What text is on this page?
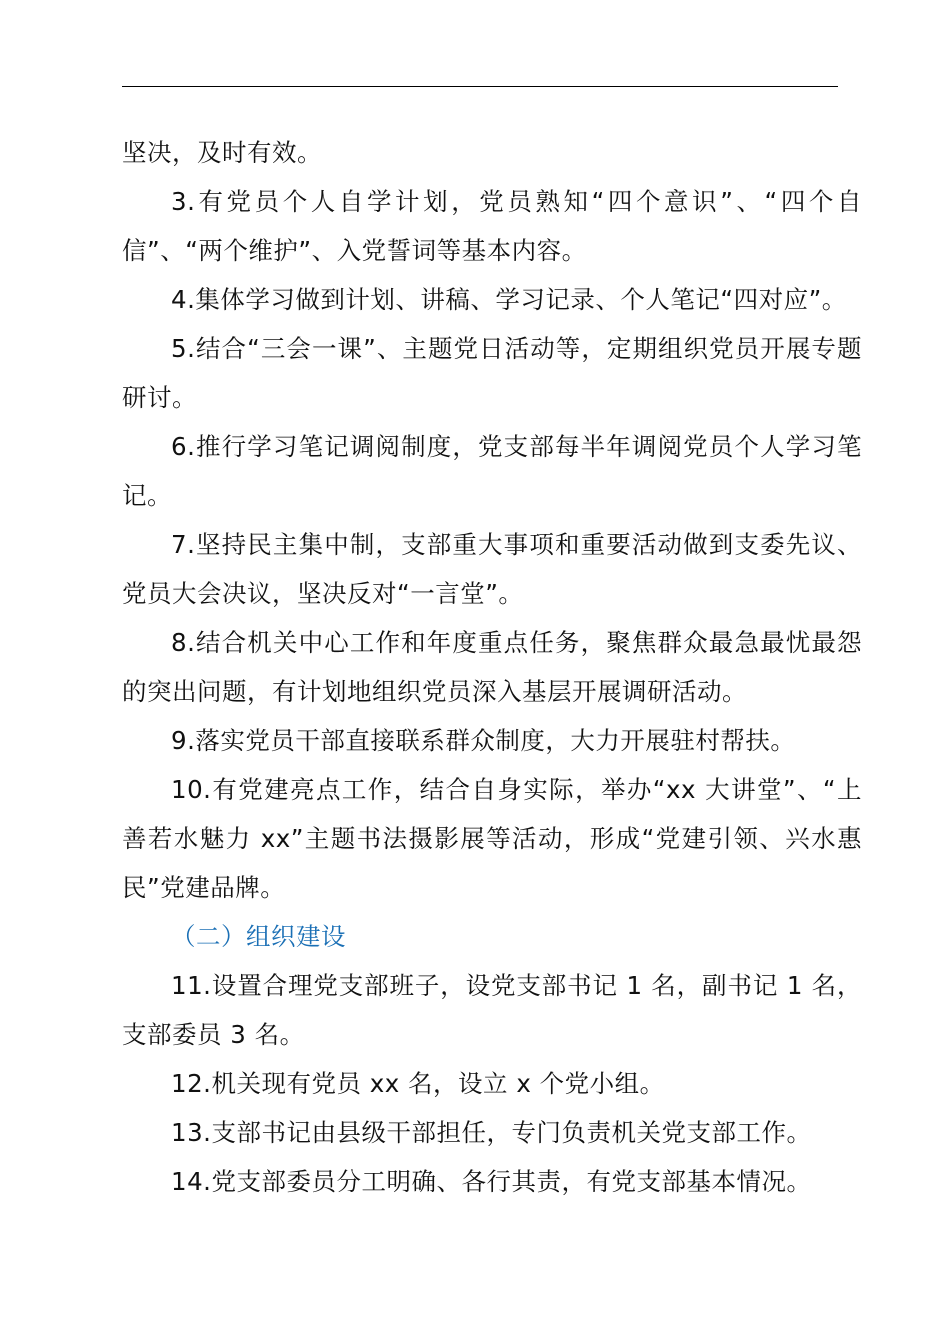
坚决，及时有效。

3.有党员个人自学计划，党员熟知“四个意识”、“四个自信”、“两个维护”、入党誓词等基本内容。

4.集体学习做到计划、讲稿、学习记录、个人笔记“四对应”。

5.结合“三会一课”、主题党日活动等，定期组织党员开展专题研讨。

6.推行学习笔记调阅制度，党支部每半年调阅党员个人学习笔记。

7.坚持民主集中制，支部重大事项和重要活动做到支委先议、党员大会决议，坚决反对“一言堂”。

8.结合机关中心工作和年度重点任务，聚焦群众最急最忧最怨的突出问题，有计划地组织党员深入基层开展调研活动。

9.落实党员干部直接联系群众制度，大力开展驻村帮扶。

10.有党建亮点工作，结合自身实际，举办“xx 大讲堂”、“上善若水魅力 xx”主题书法摄影展等活动，形成“党建引领、兴水惠民”党建品牌。

（二）组织建设

11.设置合理党支部班子，设党支部书记 1 名，副书记 1 名，支部委员 3 名。

12.机关现有党员 xx 名，设立 x 个党小组。

13.支部书记由县级干部担任，专门负责机关党支部工作。

14.党支部委员分工明确、各行其责，有党支部基本情况。
